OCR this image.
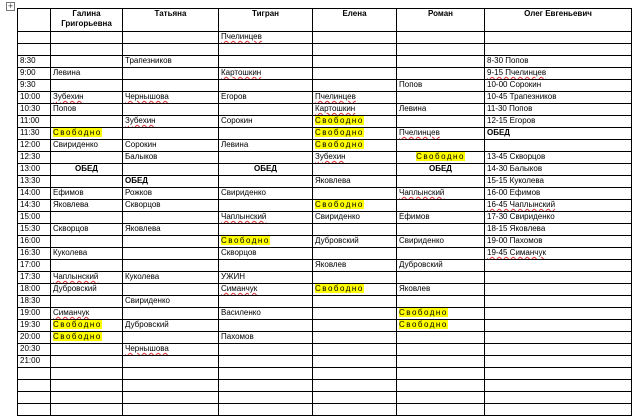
+
	Галина Григорьевна	Татьяна	Тигран	Елена	Роман	Олег Евгеньевич
			Пчелинцев			

8:30		Трапезников				8-30 Попов
9:00	Левина		Картошкин			9-15 Пчелинцев
9:30					Попов	10-00 Сорокин
10:00	Зубехин	Чернышова	Егоров	Пчелинцев		10-45 Трапезников
10:30	Попов			Картошкин	Левина	11-30 Попов
11:00		Зубехин	Сорокин	Свободно		12-15 Егоров
11:30	Свободно			Свободно	Пчелинцев	ОБЕД
12:00	Свириденко	Сорокин	Левина	Свободно		
12:30		Балыков		Зубехин	Свободно	13-45 Скворцов
13:00	ОБЕД		ОБЕД		ОБЕД	14-30 Балыков
13:30		ОБЕД		Яковлева		15-15 Куколева
14:00	Ефимов	Рожков	Свириденко		Чаплынский	16-00 Ефимов
14:30	Яковлева	Скворцов		Свободно		16-45 Чаплынский
15:00			Чаплынский	Свириденко	Ефимов	17-30 Свириденко
15:30	Скворцов	Яковлева				18-15 Яковлева
16:00			Свободно	Дубровский	Свириденко	19-00 Пахомов
16:30	Куколева		Скворцов			19-45 Симанчук
17:00				Яковлев	Дубровский	
17:30	Чаплынский	Куколева	УЖИН			
18:00	Дубровский		Симанчук	Свободно	Яковлев	
18:30		Свириденко				
19:00	Симанчук		Василенко		Свободно	
19:30	Свободно	Дубровский			Свободно	
20:00	Свободно		Пахомов			
20:30		Чернышова				
21:00						
